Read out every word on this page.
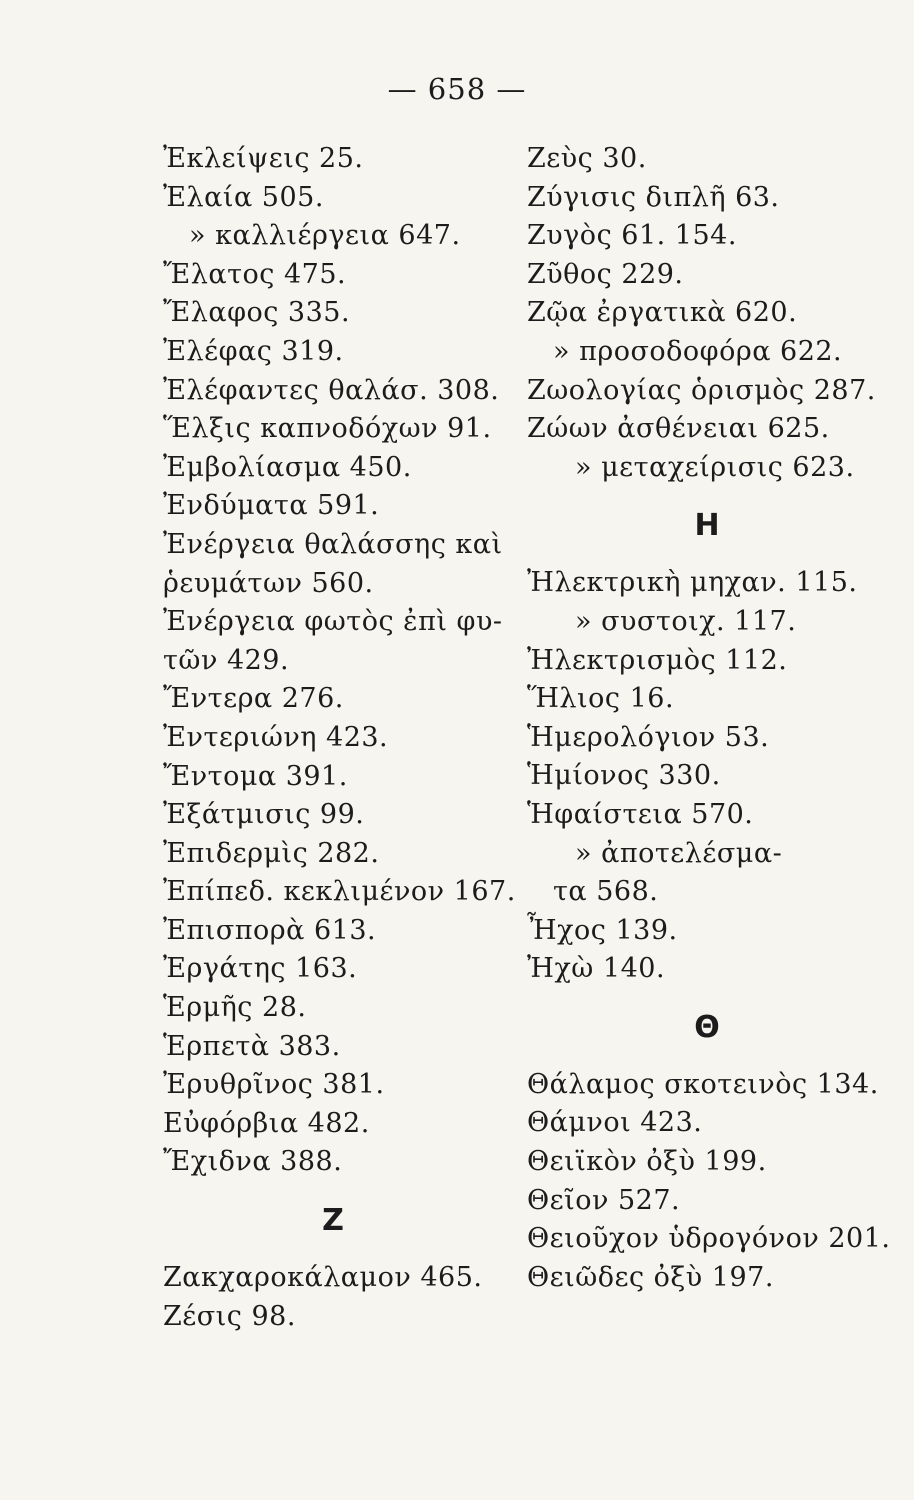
— 658 —
Ἐκλείψεις 25.
Ἐλαία 505.
» καλλιέργεια 647.
Ἔλατος 475.
Ἔλαφος 335.
Ἐλέφας 319.
Ἐλέφαντες θαλάσ. 308.
Ἕλξις καπνοδόχων 91.
Ἐμβολίασμα 450.
Ἐνδύματα 591.
Ἐνέργεια θαλάσσης καὶ
ῥευμάτων 560.
Ἐνέργεια φωτὸς ἐπὶ φυ-
τῶν 429.
Ἔντερα 276.
Ἐντεριώνη 423.
Ἔντομα 391.
Ἐξάτμισις 99.
Ἐπιδερμὶς 282.
Ἐπίπεδ. κεκλιμένον 167.
Ἐπισπορὰ 613.
Ἐργάτης 163.
Ἑρμῆς 28.
Ἑρπετὰ 383.
Ἐρυθρῖνος 381.
Εὐφόρβια 482.
Ἔχιδνα 388.
Ζ
Ζακχαροκάλαμον 465.
Ζέσις 98.
Ζεὺς 30.
Ζύγισις διπλῆ 63.
Ζυγὸς 61. 154.
Ζῦθος 229.
Ζῷα ἐργατικὰ 620.
» προσοδοφόρα 622.
Ζωολογίας ὁρισμὸς 287.
Ζώων ἀσθένειαι 625.
» μεταχείρισις 623.
Η
Ἠλεκτρικὴ μηχαν. 115.
» συστοιχ. 117.
Ἠλεκτρισμὸς 112.
Ἥλιος 16.
Ἡμερολόγιον 53.
Ἡμίονος 330.
Ἡφαίστεια 570.
» ἀποτελέσμα-
τα 568.
Ἦχος 139.
Ἠχὼ 140.
Θ
Θάλαμος σκοτεινὸς 134.
Θάμνοι 423.
Θειϊκὸν ὀξὺ 199.
Θεῖον 527.
Θειοῦχον ὑδρογόνον 201.
Θειῶδες ὀξὺ 197.
